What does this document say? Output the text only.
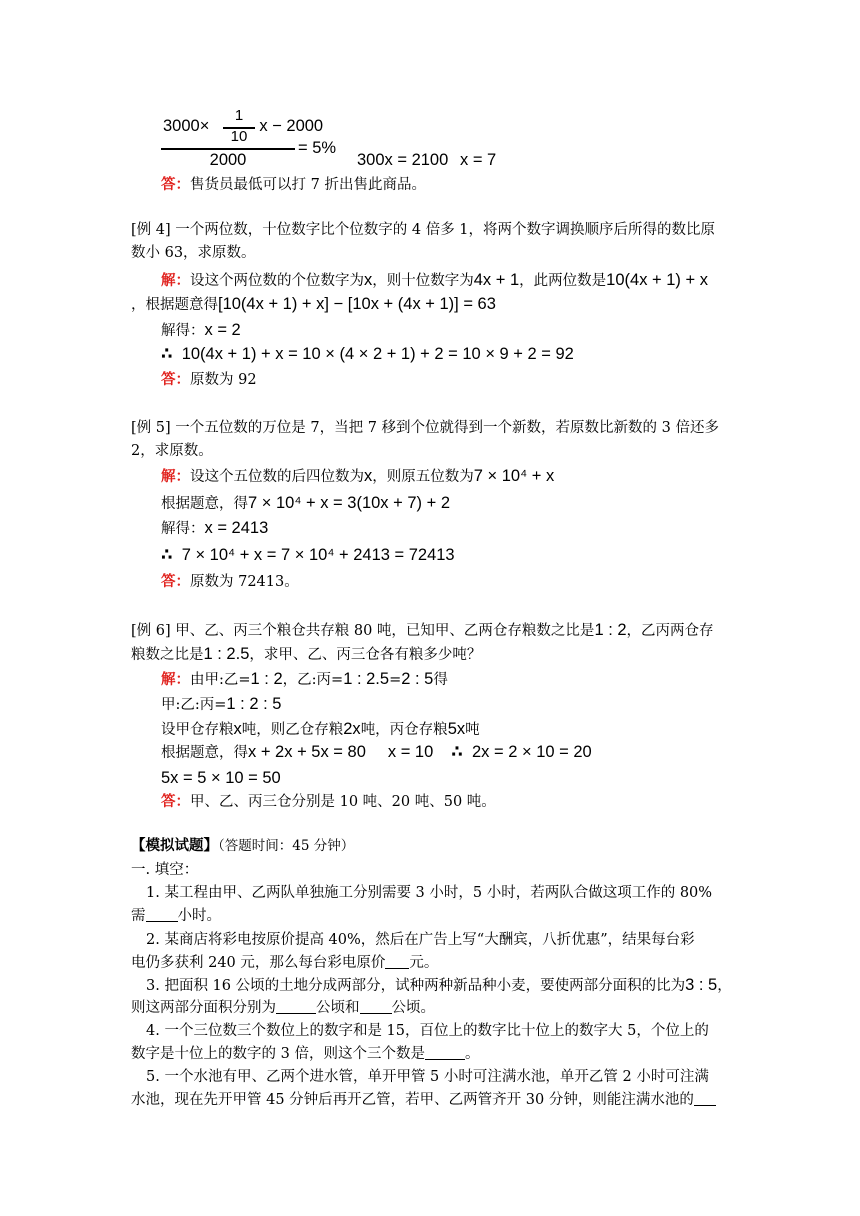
3000×	x − 2000
1
10
2000
= 5%
300x = 2100 x = 7
答：售货员最低可以打 7 折出售此商品。
[例 4] 一个两位数，十位数字比个位数字的 4 倍多 1，将两个数字调换顺序后所得的数比原
数小 63，求原数。
解：设这个两位数的个位数字为x，则十位数字为4x + 1，此两位数是10(4x + 1) + x
，根据题意得[10(4x + 1) + x] − [10x + (4x + 1)] = 63
解得：x = 2
∴ 10(4x + 1) + x = 10 × (4 × 2 + 1) + 2 = 10 × 9 + 2 = 92
答：原数为 92
[例 5] 一个五位数的万位是 7，当把 7 移到个位就得到一个新数，若原数比新数的 3 倍还多
2，求原数。
解：设这个五位数的后四位数为x，则原五位数为7 × 10⁴ + x
根据题意，得7 × 10⁴ + x = 3(10x + 7) + 2
解得：x = 2413
∴ 7 × 10⁴ + x = 7 × 10⁴ + 2413 = 72413
答：原数为 72413。
[例 6] 甲、乙、丙三个粮仓共存粮 80 吨，已知甲、乙两仓存粮数之比是1 : 2，乙丙两仓存
粮数之比是1 : 2.5，求甲、乙、丙三仓各有粮多少吨？
解：由甲:乙=1 : 2，乙:丙=1 : 2.5=2 : 5得
甲:乙:丙=1 : 2 : 5
设甲仓存粮x吨，则乙仓存粮2x吨，丙仓存粮5x吨
根据题意，得x + 2x + 5x = 80 x = 10 ∴ 2x = 2 × 10 = 20
5x = 5 × 10 = 50
答：甲、乙、丙三仓分别是 10 吨、20 吨、50 吨。
【模拟试题】（答题时间：45 分钟）
一. 填空：
1. 某工程由甲、乙两队单独施工分别需要 3 小时，5 小时，若两队合做这项工作的 80%
需 小时。
2. 某商店将彩电按原价提高 40%，然后在广告上写“大酬宾，八折优惠”，结果每台彩
电仍多获利 240 元，那么每台彩电原价 元。
3. 把面积 16 公顷的土地分成两部分，试种两种新品种小麦，要使两部分面积的比为3 : 5，
则这两部分面积分别为	公顷和 公顷。
4. 一个三位数三个数位上的数字和是 15，百位上的数字比十位上的数字大 5，个位上的
数字是十位上的数字的 3 倍，则这个三个数是	。
5. 一个水池有甲、乙两个进水管，单开甲管 5 小时可注满水池，单开乙管 2 小时可注满
水池，现在先开甲管 45 分钟后再开乙管，若甲、乙两管齐开 30 分钟，则能注满水池的
